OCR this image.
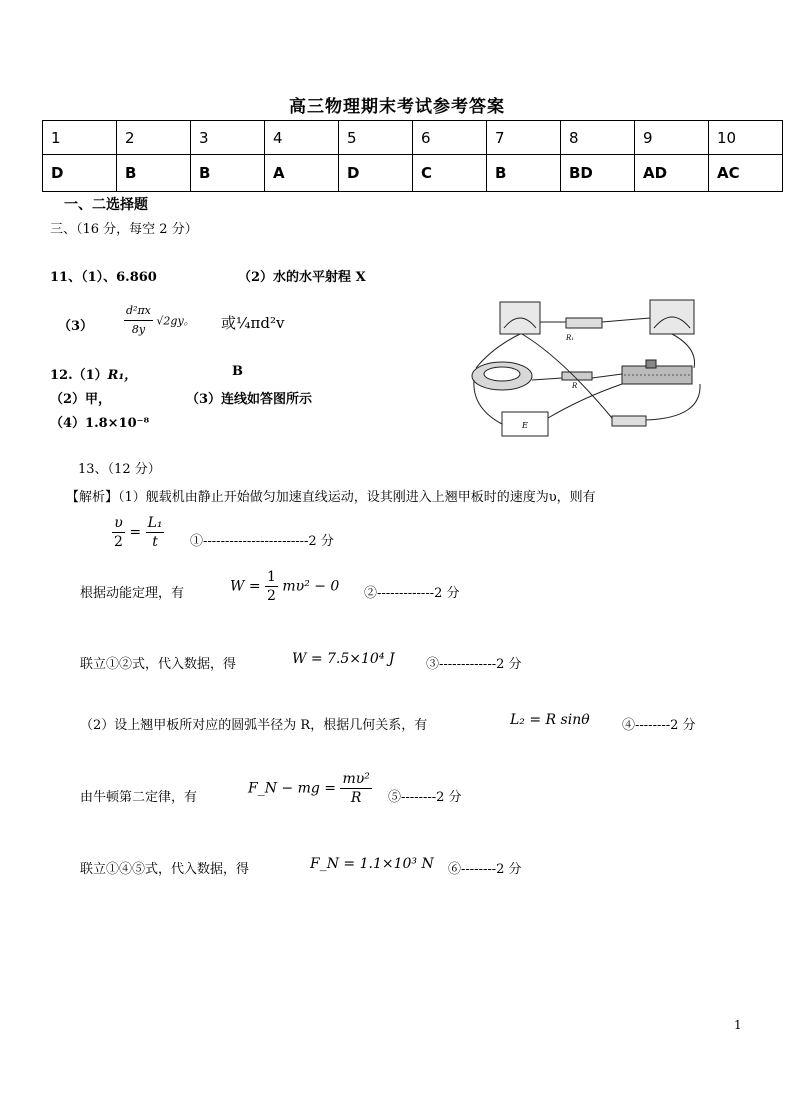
高三物理期末考试参考答案
1	2	3	4	5	6	7	8	9	10
D	B	B	A	D	C	B	BD	AD	AC
一、二选择题
三、（16 分，每空 2 分）
11、（1）、6.860	（2）水的水平射程 X
（3）	$\frac{\text{d²πx}}{8y} √2gy$。 或¼πd²v
12.（1）R₁，	B
（2）甲，	（3）连线如答图所示
（4）1.8×10⁻⁸
R₁
R
E
13、（12 分）
【解析】（1）舰载机由静止开始做匀加速直线运动，设其刚进入上翘甲板时的速度为υ，则有
$\frac{\upsilon}{2} = \frac{\text{L₁}}{t}$ ①------------------------2 分
根据动能定理，有	$W = \frac{1}{2} m\upsilon^2 - 0$ ②-------------2 分
联立①②式，代入数据，得	W = 7.5×10⁴ J ③-------------2 分
（2）设上翘甲板所对应的圆弧半径为 R，根据几何关系，有	L₂ = R sinθ ④--------2 分
由牛顿第二定律，有
F_N − mg = $\frac{\text{mυ²}}{R}$ ⑤--------2 分
联立①④⑤式，代入数据，得	F_N = 1.1×10³ N ⑥--------2 分
1
